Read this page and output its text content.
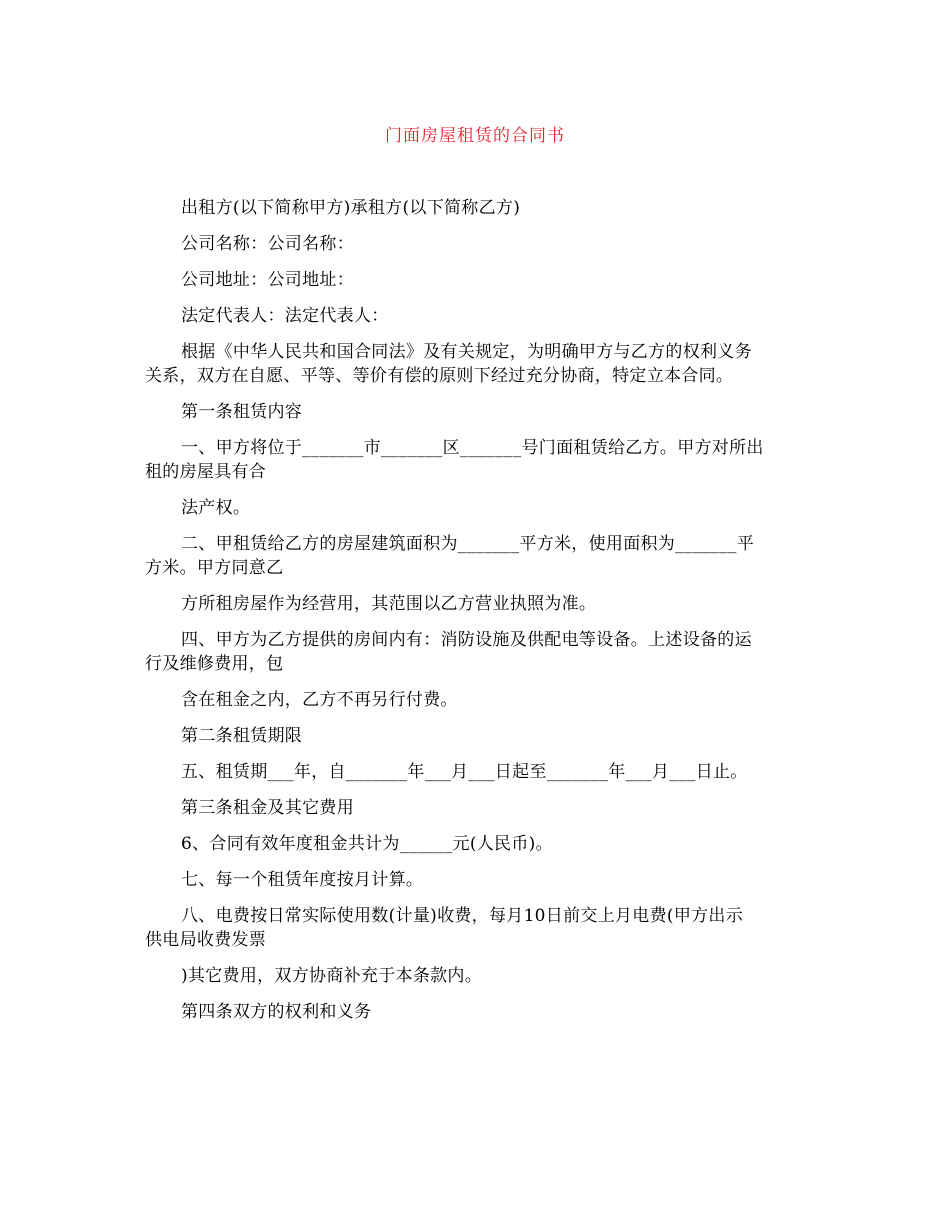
门面房屋租赁的合同书

出租方(以下简称甲方)承租方(以下简称乙方)

公司名称：公司名称：

公司地址：公司地址：

法定代表人：法定代表人：

根据《中华人民共和国合同法》及有关规定，为明确甲方与乙方的权利义务
关系，双方在自愿、平等、等价有偿的原则下经过充分协商，特定立本合同。

第一条租赁内容

一、甲方将位于_______市_______区_______号门面租赁给乙方。甲方对所出
租的房屋具有合

法产权。

二、甲租赁给乙方的房屋建筑面积为_______平方米，使用面积为_______平
方米。甲方同意乙

方所租房屋作为经营用，其范围以乙方营业执照为准。

四、甲方为乙方提供的房间内有：消防设施及供配电等设备。上述设备的运
行及维修费用，包

含在租金之内，乙方不再另行付费。

第二条租赁期限

五、租赁期___年，自_______年___月___日起至_______年___月___日止。

第三条租金及其它费用

6、合同有效年度租金共计为______元(人民币)。

七、每一个租赁年度按月计算。

八、电费按日常实际使用数(计量)收费，每月10日前交上月电费(甲方出示
供电局收费发票

)其它费用，双方协商补充于本条款内。

第四条双方的权利和义务
